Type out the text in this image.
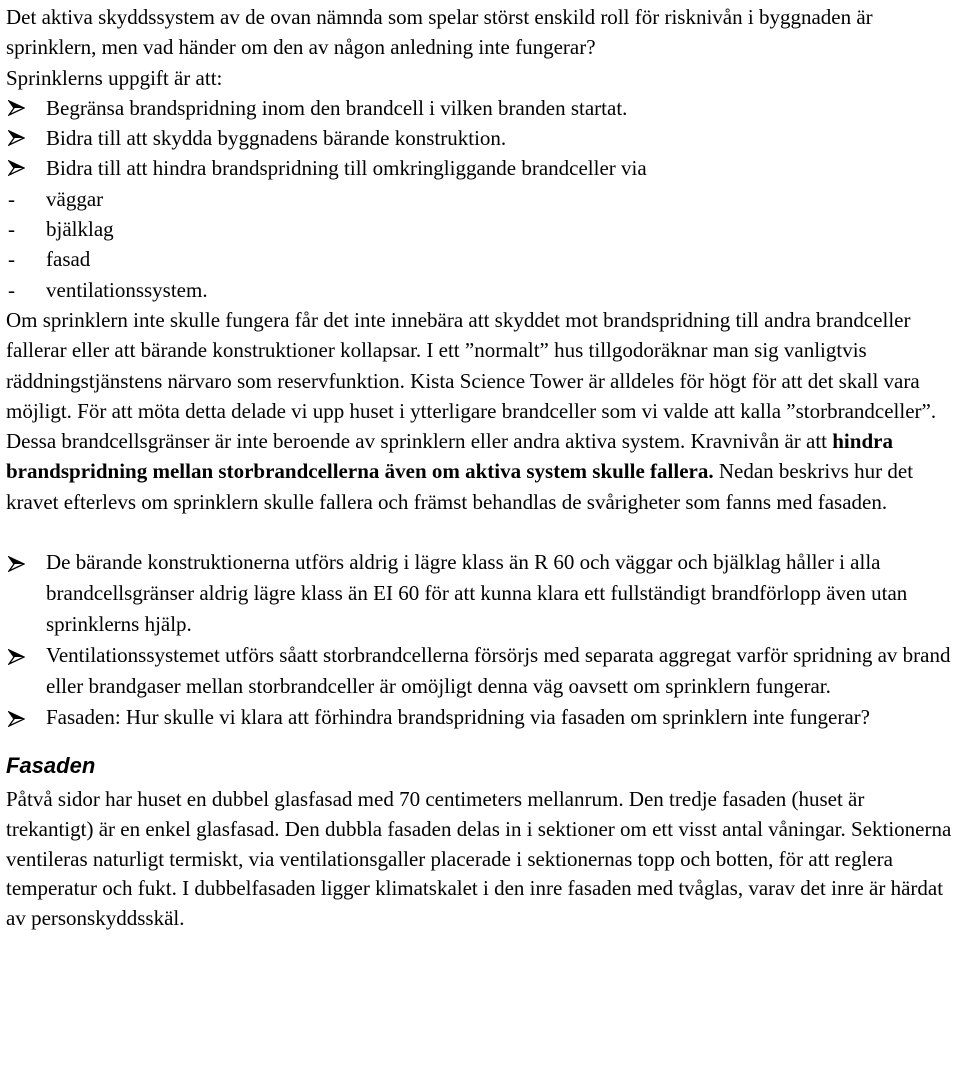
Det aktiva skyddssystem av de ovan nämnda som spelar störst enskild roll för risknivån i byggnaden är sprinklern, men vad händer om den av någon anledning inte fungerar?
Sprinklerns uppgift är att:

Begränsa brandspridning inom den brandcell i vilken branden startat.
Bidra till att skydda byggnadens bärande konstruktion.
Bidra till att hindra brandspridning till omkringliggande brandceller via
- väggar
- bjälklag
- fasad
- ventilationssystem.

Om sprinklern inte skulle fungera får det inte innebära att skyddet mot brandspridning till andra brandceller fallerar eller att bärande konstruktioner kollapsar. I ett ”normalt” hus tillgodoräknar man sig vanligtvis räddningstjänstens närvaro som reservfunktion. Kista Science Tower är alldeles för högt för att det skall vara möjligt. För att möta detta delade vi upp huset i ytterligare brandceller som vi valde att kalla ”storbrandceller”. Dessa brandcellsgränser är inte beroende av sprinklern eller andra aktiva system. Kravnivån är att hindra brandspridning mellan storbrandcellerna även om aktiva system skulle fallera. Nedan beskrivs hur det kravet efterlevs om sprinklern skulle fallera och främst behandlas de svårigheter som fanns med fasaden.

De bärande konstruktionerna utförs aldrig i lägre klass än R 60 och väggar och bjälklag håller i alla brandcellsgränser aldrig lägre klass än EI 60 för att kunna klara ett fullständigt brandförlopp även utan sprinklerns hjälp.
Ventilationssystemet utförs såatt storbrandcellerna försörjs med separata aggregat varför spridning av brand eller brandgaser mellan storbrandceller är omöjligt denna väg oavsett om sprinklern fungerar.
Fasaden: Hur skulle vi klara att förhindra brandspridning via fasaden om sprinklern inte fungerar?
Fasaden

Påtvå sidor har huset en dubbel glasfasad med 70 centimeters mellanrum. Den tredje fasaden (huset är trekantigt) är en enkel glasfasad. Den dubbla fasaden delas in i sektioner om ett visst antal våningar. Sektionerna ventileras naturligt termiskt, via ventilationsgaller placerade i sektionernas topp och botten, för att reglera temperatur och fukt. I dubbelfasaden ligger klimatskalet i den inre fasaden med tvåglas, varav det inre är härdat av personskyddsskäl.
